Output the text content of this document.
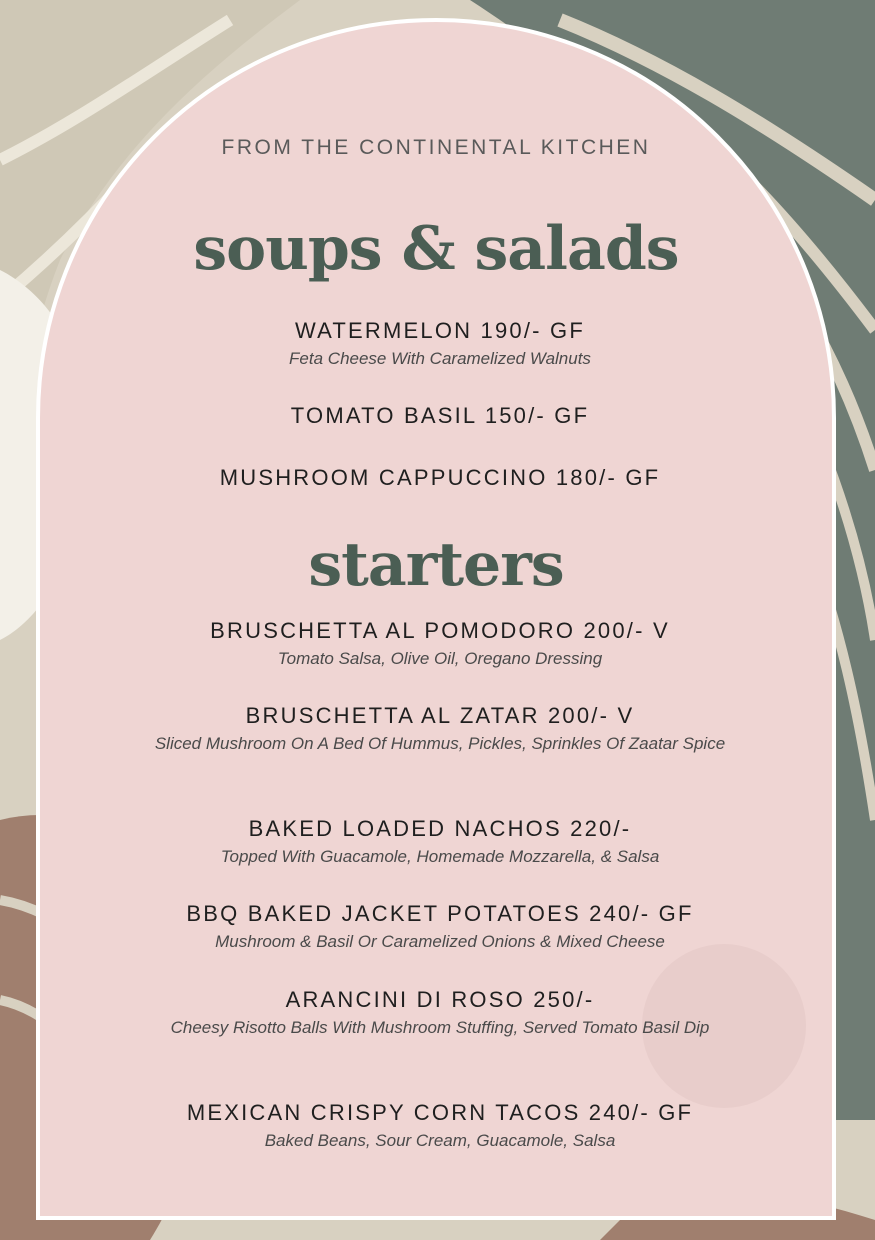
FROM THE CONTINENTAL KITCHEN
soups & salads
WATERMELON 190/- GF
Feta Cheese With Caramelized Walnuts
TOMATO BASIL 150/- GF
MUSHROOM CAPPUCCINO 180/- GF
starters
BRUSCHETTA AL POMODORO 200/- V
Tomato Salsa, Olive Oil, Oregano Dressing
BRUSCHETTA AL ZATAR 200/- V
Sliced Mushroom On A Bed Of Hummus, Pickles, Sprinkles Of Zaatar Spice
BAKED LOADED NACHOS 220/-
Topped With Guacamole, Homemade Mozzarella, & Salsa
BBQ BAKED JACKET POTATOES 240/- GF
Mushroom & Basil Or Caramelized Onions & Mixed Cheese
ARANCINI DI ROSO 250/-
Cheesy Risotto Balls With Mushroom Stuffing, Served Tomato Basil Dip
MEXICAN CRISPY CORN TACOS 240/- GF
Baked Beans, Sour Cream, Guacamole, Salsa
